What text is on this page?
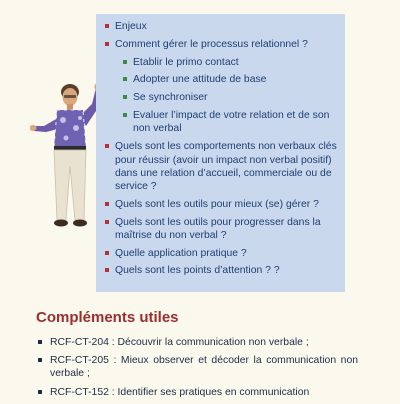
Enjeux
Comment gérer le processus relationnel ?
Etablir le primo contact
Adopter une attitude de base
Se synchroniser
Evaluer l’impact de votre relation et de son non verbal
Quels sont les comportements non verbaux clés pour réussir (avoir un impact non verbal positif) dans une relation d’accueil, commerciale ou de service ?
Quels sont les outils pour mieux (se) gérer ?
Quels sont les outils pour progresser dans la maîtrise du non verbal ?
Quelle application pratique ?
Quels sont les points d’attention ? ?
Compléments utiles
RCF-CT-204 : Découvrir la communication non verbale ;
RCF-CT-205 : Mieux observer et décoder la communication non verbale ;
RCF-CT-152 : Identifier ses pratiques en communication
